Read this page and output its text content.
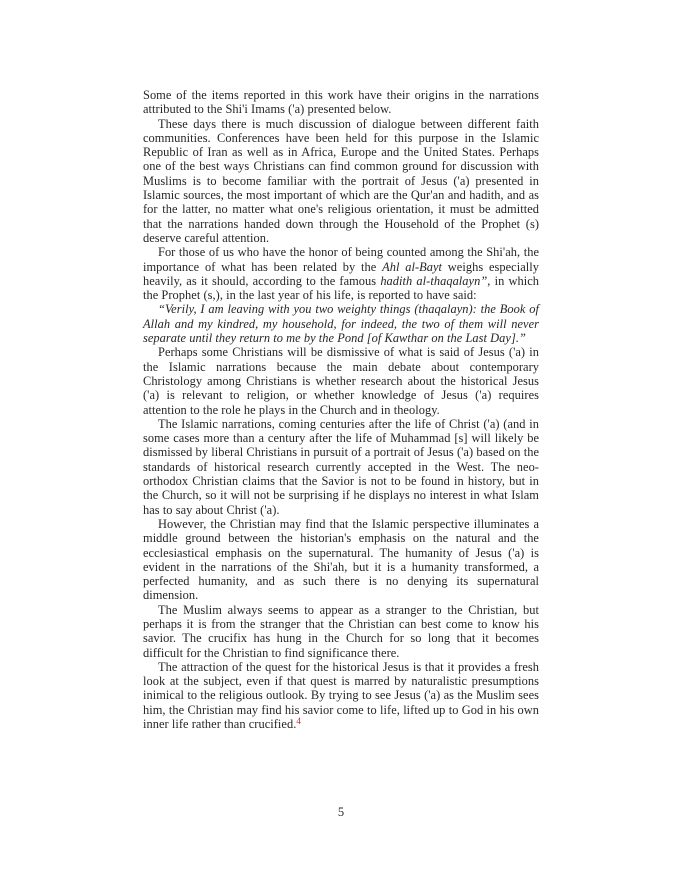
Some of the items reported in this work have their origins in the narrations attributed to the Shi'i Imams ('a) presented below.

These days there is much discussion of dialogue between different faith communities. Conferences have been held for this purpose in the Islamic Republic of Iran as well as in Africa, Europe and the United States. Perhaps one of the best ways Christians can find common ground for discussion with Muslims is to become familiar with the portrait of Jesus ('a) presented in Islamic sources, the most important of which are the Qur'an and hadith, and as for the latter, no matter what one's religious orientation, it must be admitted that the narrations handed down through the Household of the Prophet (s) deserve careful attention.

For those of us who have the honor of being counted among the Shi'ah, the importance of what has been related by the Ahl al-Bayt weighs especially heavily, as it should, according to the famous hadith al-thaqalayn”, in which the Prophet (s,), in the last year of his life, is reported to have said:

“Verily, I am leaving with you two weighty things (thaqalayn): the Book of Allah and my kindred, my household, for indeed, the two of them will never separate until they return to me by the Pond [of Kawthar on the Last Day].”

Perhaps some Christians will be dismissive of what is said of Jesus ('a) in the Islamic narrations because the main debate about contemporary Christology among Christians is whether research about the historical Jesus ('a) is relevant to religion, or whether knowledge of Jesus ('a) requires attention to the role he plays in the Church and in theology.

The Islamic narrations, coming centuries after the life of Christ ('a) (and in some cases more than a century after the life of Muhammad [s] will likely be dismissed by liberal Christians in pursuit of a portrait of Jesus ('a) based on the standards of historical research currently accepted in the West. The neo-orthodox Christian claims that the Savior is not to be found in history, but in the Church, so it will not be surprising if he displays no interest in what Islam has to say about Christ ('a).

However, the Christian may find that the Islamic perspective illuminates a middle ground between the historian's emphasis on the natural and the ecclesiastical emphasis on the supernatural. The humanity of Jesus ('a) is evident in the narrations of the Shi'ah, but it is a humanity transformed, a perfected humanity, and as such there is no denying its supernatural dimension.

The Muslim always seems to appear as a stranger to the Christian, but perhaps it is from the stranger that the Christian can best come to know his savior. The crucifix has hung in the Church for so long that it becomes difficult for the Christian to find significance there.

The attraction of the quest for the historical Jesus is that it provides a fresh look at the subject, even if that quest is marred by naturalistic presumptions inimical to the religious outlook. By trying to see Jesus ('a) as the Muslim sees him, the Christian may find his savior come to life, lifted up to God in his own inner life rather than crucified.$^4$

5
